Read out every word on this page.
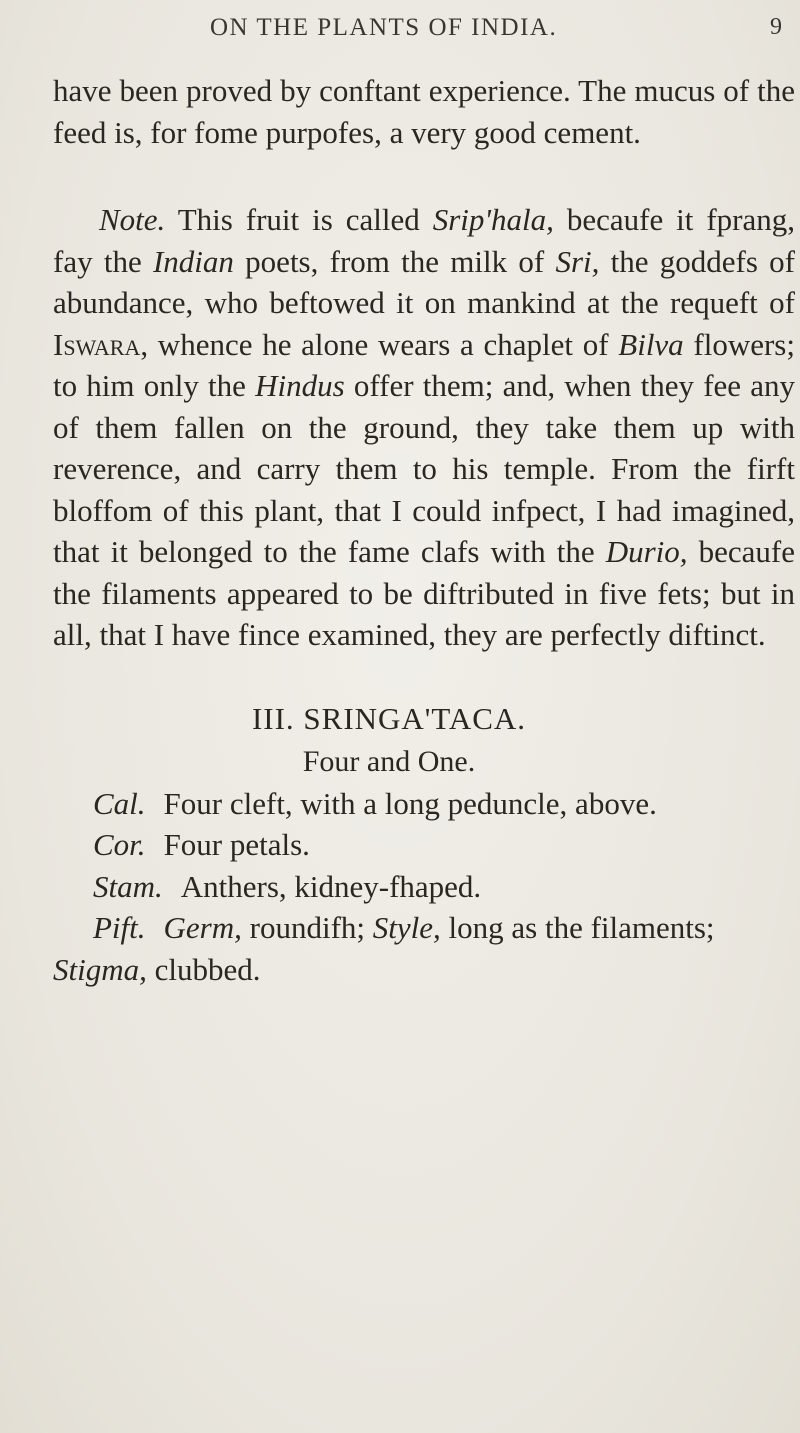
ON THE PLANTS OF INDIA.	9

have been proved by conftant experience. The mucus of the feed is, for fome purpofes, a very good cement.

Note. This fruit is called Srip'hala, becaufe it fprang, fay the Indian poets, from the milk of Sri, the goddefs of abundance, who beftowed it on mankind at the requeft of Iswara, whence he alone wears a chaplet of Bilva flowers; to him only the Hindus offer them; and, when they fee any of them fallen on the ground, they take them up with reverence, and carry them to his temple. From the firft bloffom of this plant, that I could infpect, I had imagined, that it belonged to the fame clafs with the Durio, becaufe the filaments appeared to be diftributed in five fets; but in all, that I have fince examined, they are perfectly diftinct.

III. SRINGA'TACA.
Four and One.

Cal. Four cleft, with a long peduncle, above.

Cor. Four petals.

Stam. Anthers, kidney-fhaped.

Pift. Germ, roundifh; Style, long as the filaments; Stigma, clubbed.
